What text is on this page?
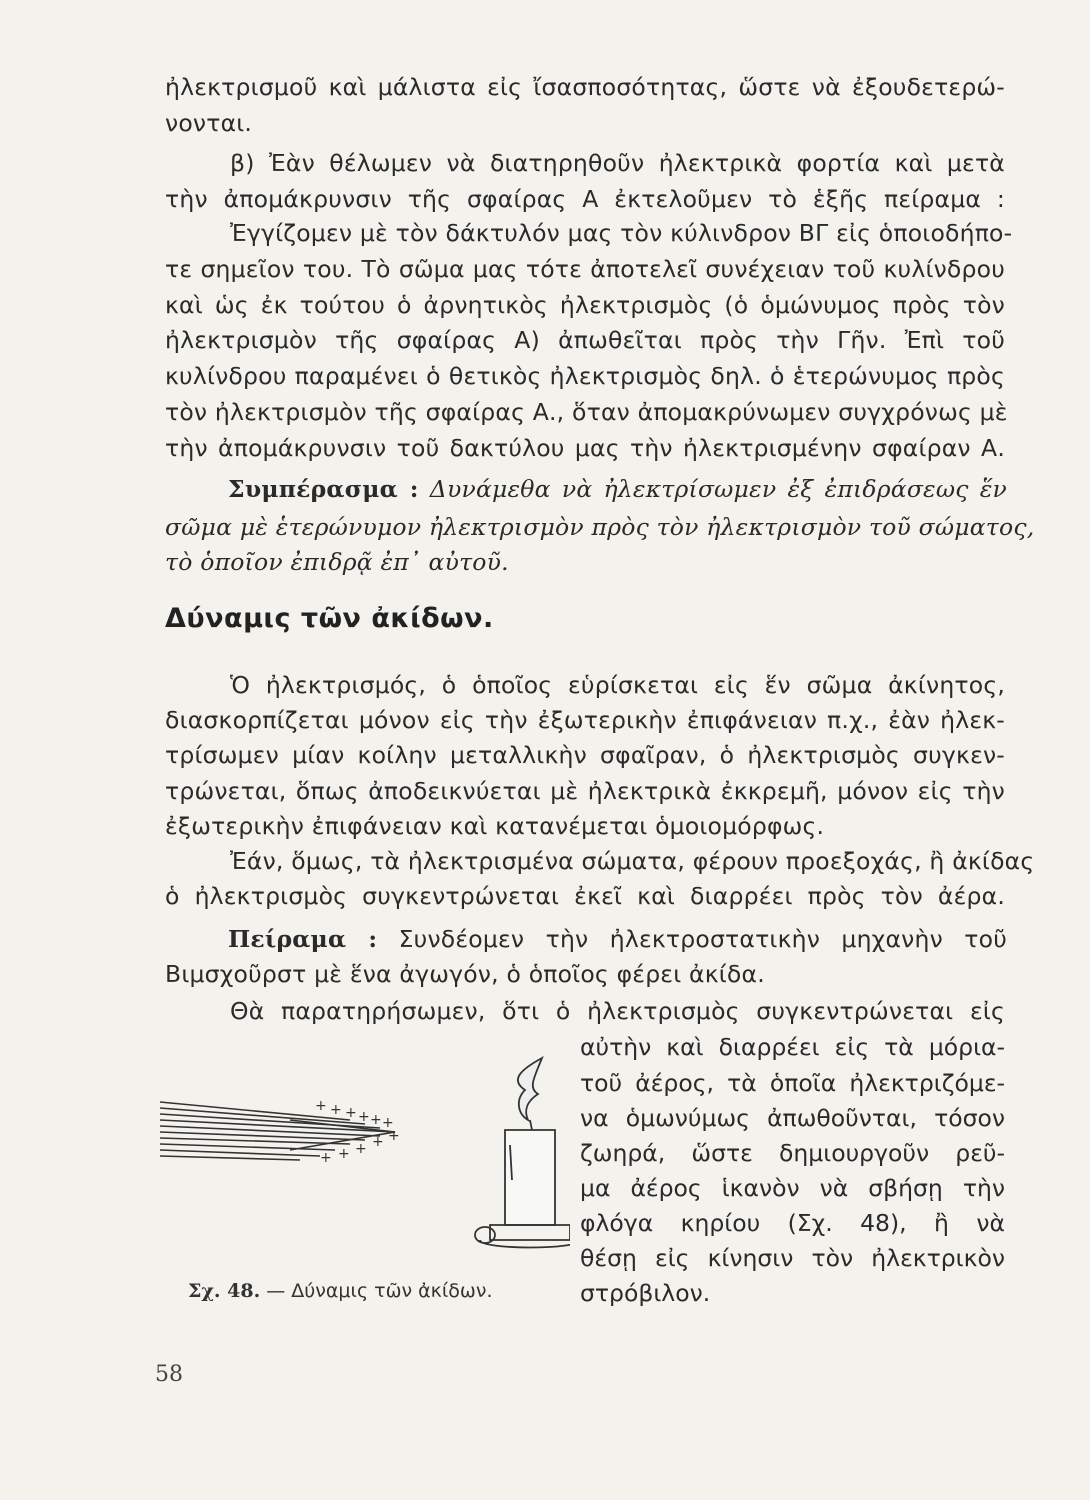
ἠλεκτρισμοῦ καὶ μάλιστα εἰς ἴσασποσότητας, ὥστε νὰ ἐξουδετερώ-
νονται.
β) Ἐὰν θέλωμεν νὰ διατηρηθοῦν ἠλεκτρικὰ φορτία καὶ μετὰ
τὴν ἀπομάκρυνσιν τῆς σφαίρας Α ἐκτελοῦμεν τὸ ἑξῆς πείραμα :
Ἐγγίζομεν μὲ τὸν δάκτυλόν μας τὸν κύλινδρον ΒΓ εἰς ὁποιοδήπο-
τε σημεῖον του. Τὸ σῶμα μας τότε ἀποτελεῖ συνέχειαν τοῦ κυλίνδρου
καὶ ὡς ἐκ τούτου ὁ ἀρνητικὸς ἠλεκτρισμὸς (ὁ ὁμώνυμος πρὸς τὸν
ἠλεκτρισμὸν τῆς σφαίρας Α) ἀπωθεῖται πρὸς τὴν Γῆν. Ἐπὶ τοῦ
κυλίνδρου παραμένει ὁ θετικὸς ἠλεκτρισμὸς δηλ. ὁ ἑτερώνυμος πρὸς
τὸν ἠλεκτρισμὸν τῆς σφαίρας Α., ὅταν ἀπομακρύνωμεν συγχρόνως μὲ
τὴν ἀπομάκρυνσιν τοῦ δακτύλου μας τὴν ἠλεκτρισμένην σφαίραν Α.
Συμπέρασμα : Δυνάμεθα νὰ ἠλεκτρίσωμεν ἐξ ἐπιδράσεως ἕν
σῶμα μὲ ἑτερώνυμον ἠλεκτρισμὸν πρὸς τὸν ἠλεκτρισμὸν τοῦ σώματος,
τὸ ὁποῖον ἐπιδρᾷ ἐπ᾽ αὐτοῦ.
Δύναμις τῶν ἀκίδων.
Ὁ ἠλεκτρισμός, ὁ ὁποῖος εὑρίσκεται εἰς ἕν σῶμα ἀκίνητος,
διασκορπίζεται μόνον εἰς τὴν ἐξωτερικὴν ἐπιφάνειαν π.χ., ἐὰν ἠλεκ-
τρίσωμεν μίαν κοίλην μεταλλικὴν σφαῖραν, ὁ ἠλεκτρισμὸς συγκεν-
τρώνεται, ὅπως ἀποδεικνύεται μὲ ἠλεκτρικὰ ἐκκρεμῆ, μόνον εἰς τὴν
ἐξωτερικὴν ἐπιφάνειαν καὶ κατανέμεται ὁμοιομόρφως.
Ἐάν, ὅμως, τὰ ἠλεκτρισμένα σώματα, φέρουν προεξοχάς, ἢ ἀκίδας
ὁ ἠλεκτρισμὸς συγκεντρώνεται ἐκεῖ καὶ διαρρέει πρὸς τὸν ἀέρα.
Πείραμα : Συνδέομεν τὴν ἠλεκτροστατικὴν μηχανὴν τοῦ
Βιμσχοῦρστ μὲ ἕνα ἀγωγόν, ὁ ὁποῖος φέρει ἀκίδα.
Θὰ παρατηρήσωμεν, ὅτι ὁ ἠλεκτρισμὸς συγκεντρώνεται εἰς
αὐτὴν καὶ διαρρέει εἰς τὰ μόρια-
τοῦ ἀέρος, τὰ ὁποῖα ἠλεκτριζόμε-
να ὁμωνύμως ἀπωθοῦνται, τόσον
ζωηρά, ὥστε δημιουργοῦν ρεῦ-
μα ἀέρος ἱκανὸν νὰ σβήσῃ τὴν
φλόγα κηρίου (Σχ. 48), ἢ νὰ
θέσῃ εἰς κίνησιν τὸν ἠλεκτρικὸν
στρόβιλον.
+ + + + + +
+
+
+
+
+
Σχ. 48. — Δύναμις τῶν ἀκίδων.
58
